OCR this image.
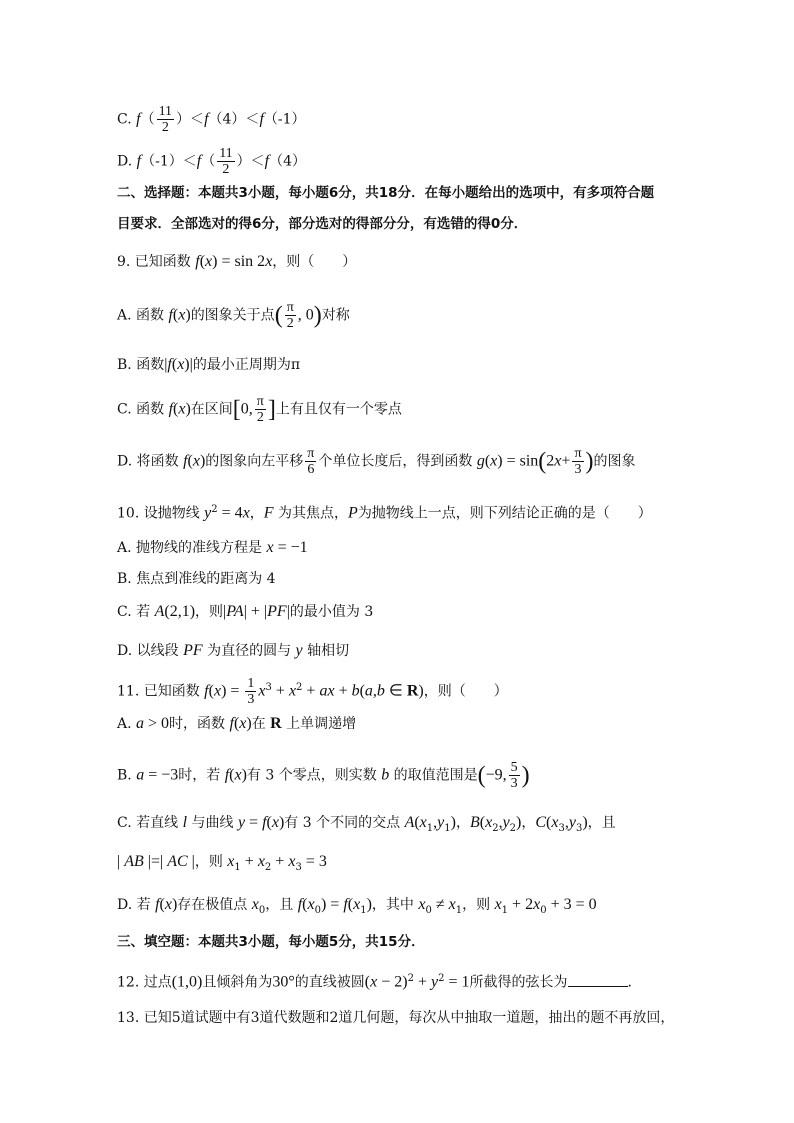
C. $f( \frac{11}{2} )<f(4)<f(-1)$
D. $f(-1)<f( \frac{11}{2} )<f(4)$
二、选择题：本题共3小题，每小题6分，共18分．在每小题给出的选项中，有多项符合题
目要求．全部选对的得6分，部分选对的得部分分，有选错的得0分．
9. 已知函数 f(x) = sin 2x，则（　　）
A. 函数 f(x)的图象关于点( $\frac{\pi}{2}$ , 0)对称
B. 函数|f(x)|的最小正周期为π
C. 函数 f(x)在区间[0, $\frac{\pi}{2}$ ]上有且仅有一个零点
D. 将函数 f(x)的图象向左平移 $\frac{\pi}{6}$ 个单位长度后，得到函数 $g(x) = \sin(2x+ \frac{\pi}{3}$ )的图象
10. 设抛物线 $y^2 = 4x$，F 为其焦点，P为抛物线上一点，则下列结论正确的是（　　）
A. 抛物线的准线方程是 x = −1
B. 焦点到准线的距离为 4
C. 若 A(2,1)，则|PA| + |PF|的最小值为 3
D. 以线段 PF 为直径的圆与 y 轴相切
11. 已知函数 $f(x) = \frac{1}{3} x^3 + x^2$ + ax + b(a,b ∈ R)，则（　　）
A. a > 0时，函数 f(x)在 R 上单调递增
B. a = −3时，若 f(x)有 3 个零点，则实数 b 的取值范围是(−9, $\frac{5}{3}$ )
C. 若直线 l 与曲线 y = f(x)有 3 个不同的交点 $A(x_1,y_1)$，$B(x_2,y_2)$，$C(x_3,y_3)$，且
| AB |=| AC |，则 $x_1 + x_2 + x_3 = 3$
D. 若 f(x)存在极值点 $x_0$，且 $f(x_0) = f(x_1)$，其中 $x_0 \ne x_1$，则 $x_1 + 2x_0 + 3 = 0$
三、填空题：本题共3小题，每小题5分，共15分．
12. 过点(1,0)且倾斜角为30°的直线被圆$(x - 2)^2 + y^2 = 1$所截得的弦长为	．
13. 已知5道试题中有3道代数题和2道几何题，每次从中抽取一道题，抽出的题不再放回，
